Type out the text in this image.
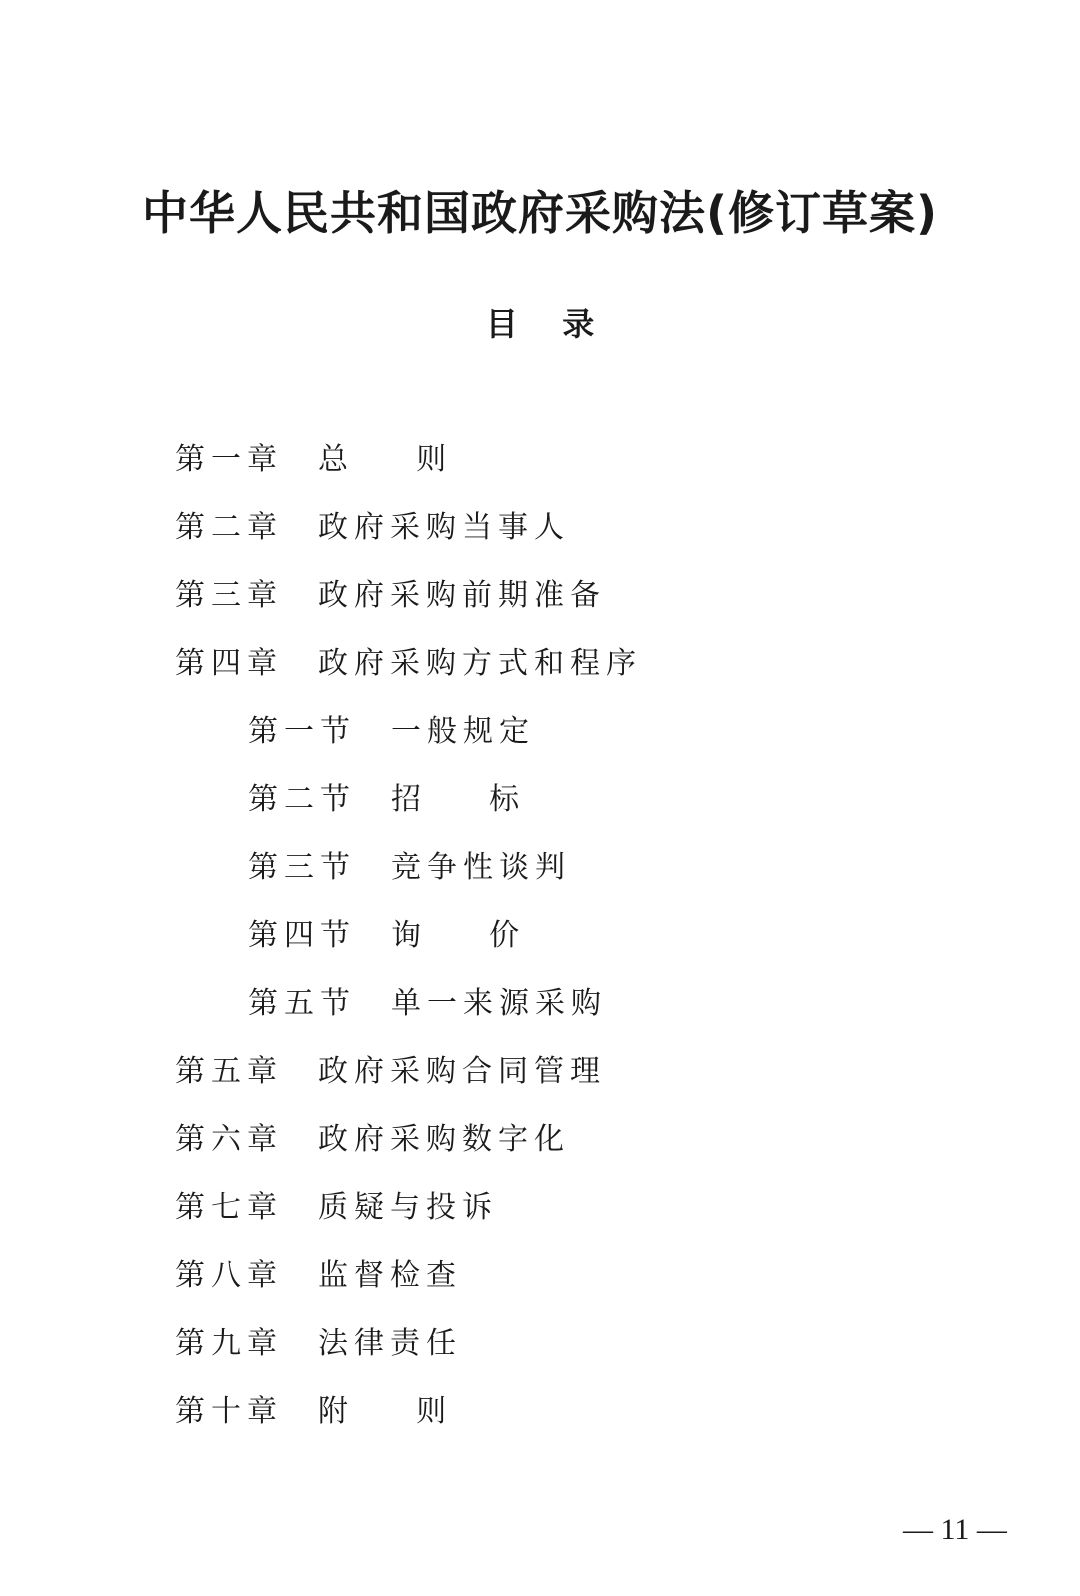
中华人民共和国政府采购法(修订草案)
目    录
第一章 总    则
第二章 政府采购当事人
第三章 政府采购前期准备
第四章 政府采购方式和程序
第一节 一般规定
第二节 招    标
第三节 竞争性谈判
第四节 询    价
第五节 单一来源采购
第五章 政府采购合同管理
第六章 政府采购数字化
第七章 质疑与投诉
第八章 监督检查
第九章 法律责任
第十章 附    则
— 11 —
